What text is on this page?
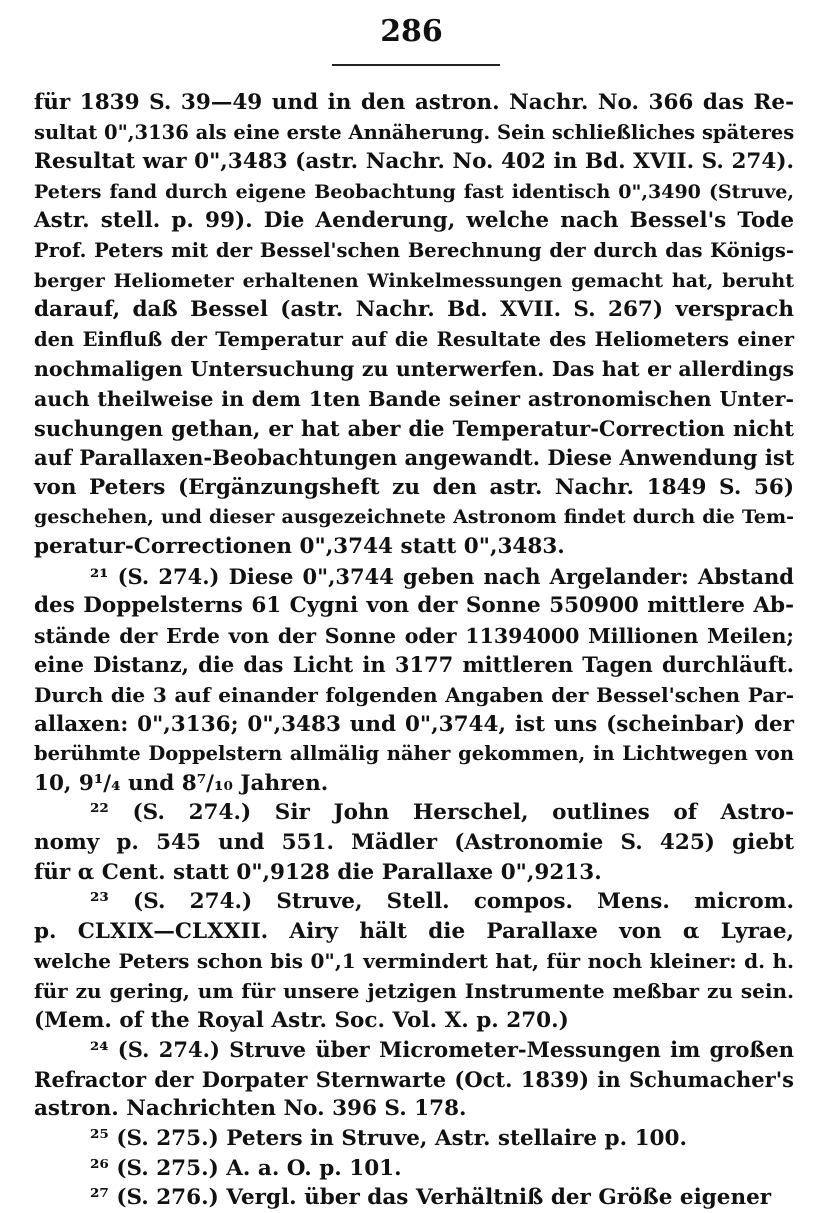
286
für 1839 S. 39—49 und in den astron. Nachr. No. 366 das Re-
sultat 0",3136 als eine erste Annäherung. Sein schließliches späteres
Resultat war 0",3483 (astr. Nachr. No. 402 in Bd. XVII. S. 274).
Peters fand durch eigene Beobachtung fast identisch 0",3490 (Struve,
Astr. stell. p. 99). Die Aenderung, welche nach Bessel's Tode
Prof. Peters mit der Bessel'schen Berechnung der durch das Königs-
berger Heliometer erhaltenen Winkelmessungen gemacht hat, beruht
darauf, daß Bessel (astr. Nachr. Bd. XVII. S. 267) versprach
den Einfluß der Temperatur auf die Resultate des Heliometers einer
nochmaligen Untersuchung zu unterwerfen. Das hat er allerdings
auch theilweise in dem 1ten Bande seiner astronomischen Unter-
suchungen gethan, er hat aber die Temperatur-Correction nicht
auf Parallaxen-Beobachtungen angewandt. Diese Anwendung ist
von Peters (Ergänzungsheft zu den astr. Nachr. 1849 S. 56)
geschehen, und dieser ausgezeichnete Astronom findet durch die Tem-
peratur-Correctionen 0",3744 statt 0",3483.
²¹ (S. 274.) Diese 0",3744 geben nach Argelander: Abstand
des Doppelsterns 61 Cygni von der Sonne 550900 mittlere Ab-
stände der Erde von der Sonne oder 11394000 Millionen Meilen;
eine Distanz, die das Licht in 3177 mittleren Tagen durchläuft.
Durch die 3 auf einander folgenden Angaben der Bessel'schen Par-
allaxen: 0",3136; 0",3483 und 0",3744, ist uns (scheinbar) der
berühmte Doppelstern allmälig näher gekommen, in Lichtwegen von
10, 9¹/₄ und 8⁷/₁₀ Jahren.
²² (S. 274.) Sir John Herschel, outlines of Astro-
nomy p. 545 und 551. Mädler (Astronomie S. 425) giebt
für α Cent. statt 0",9128 die Parallaxe 0",9213.
²³ (S. 274.) Struve, Stell. compos. Mens. microm.
p. CLXIX—CLXXII. Airy hält die Parallaxe von α Lyrae,
welche Peters schon bis 0",1 vermindert hat, für noch kleiner: d. h.
für zu gering, um für unsere jetzigen Instrumente meßbar zu sein.
(Mem. of the Royal Astr. Soc. Vol. X. p. 270.)
²⁴ (S. 274.) Struve über Micrometer-Messungen im großen
Refractor der Dorpater Sternwarte (Oct. 1839) in Schumacher's
astron. Nachrichten No. 396 S. 178.
²⁵ (S. 275.) Peters in Struve, Astr. stellaire p. 100.
²⁶ (S. 275.) A. a. O. p. 101.
²⁷ (S. 276.) Vergl. über das Verhältniß der Größe eigener
